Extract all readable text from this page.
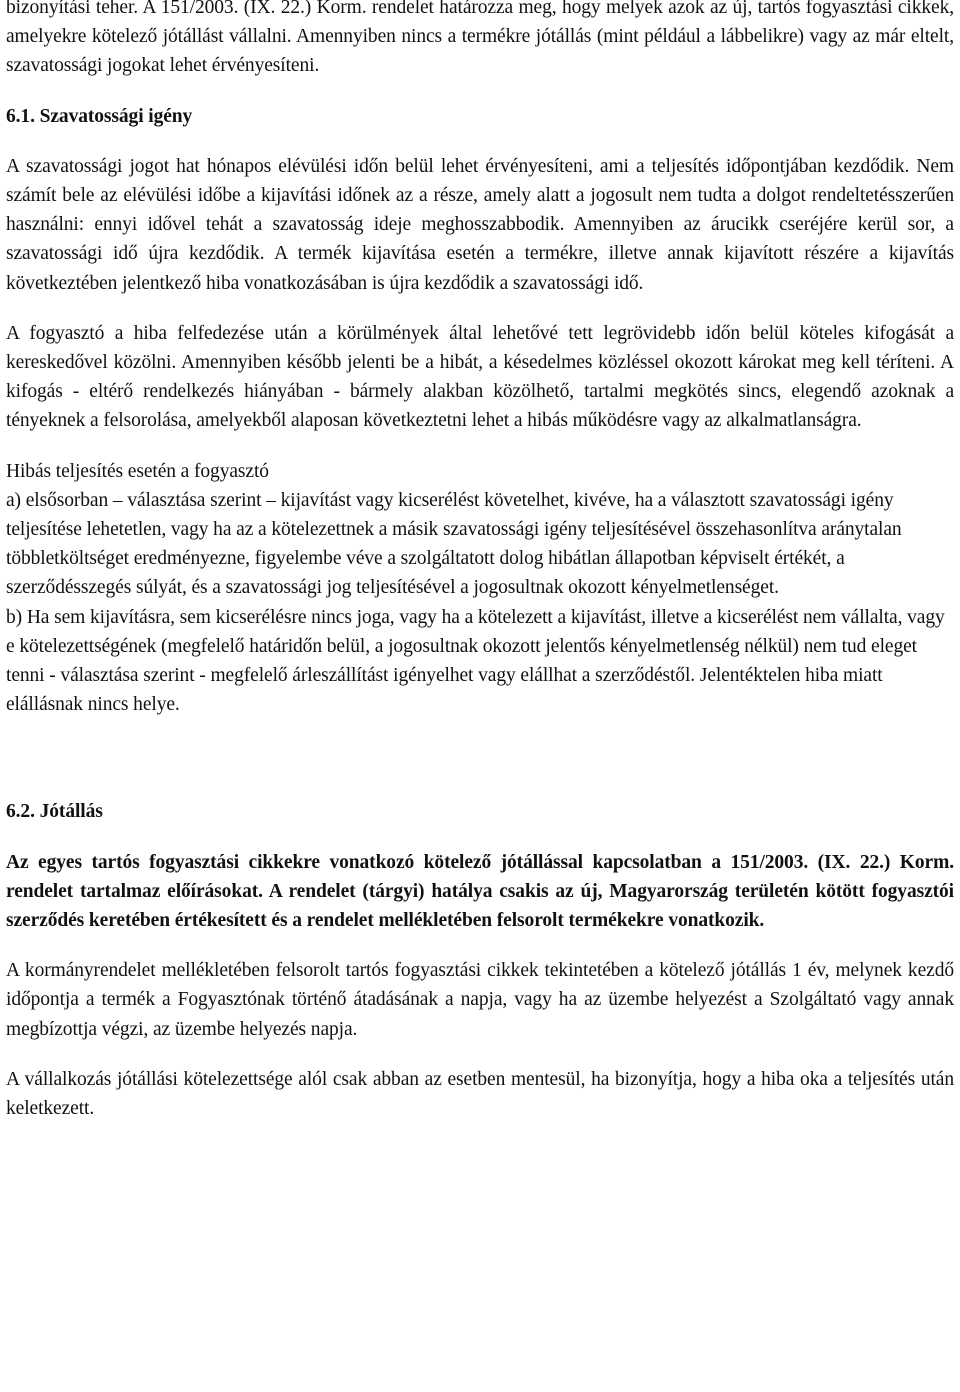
bizonyítási teher. A 151/2003. (IX. 22.) Korm. rendelet határozza meg, hogy melyek azok az új, tartós fogyasztási cikkek, amelyekre kötelező jótállást vállalni. Amennyiben nincs a termékre jótállás (mint például a lábbelikre) vagy az már eltelt, szavatossági jogokat lehet érvényesíteni.

6.1. Szavatossági igény

A szavatossági jogot hat hónapos elévülési időn belül lehet érvényesíteni, ami a teljesítés időpontjában kezdődik. Nem számít bele az elévülési időbe a kijavítási időnek az a része, amely alatt a jogosult nem tudta a dolgot rendeltetésszerűen használni: ennyi idővel tehát a szavatosság ideje meghosszabbodik. Amennyiben az árucikk cseréjére kerül sor, a szavatossági idő újra kezdődik. A termék kijavítása esetén a termékre, illetve annak kijavított részére a kijavítás következtében jelentkező hiba vonatkozásában is újra kezdődik a szavatossági idő.

A fogyasztó a hiba felfedezése után a körülmények által lehetővé tett legrövidebb időn belül köteles kifogását a kereskedővel közölni. Amennyiben később jelenti be a hibát, a késedelmes közléssel okozott károkat meg kell téríteni. A kifogás - eltérő rendelkezés hiányában - bármely alakban közölhető, tartalmi megkötés sincs, elegendő azoknak a tényeknek a felsorolása, amelyekből alaposan következtetni lehet a hibás működésre vagy az alkalmatlanságra.

Hibás teljesítés esetén a fogyasztó

a) elsősorban – választása szerint – kijavítást vagy kicserélést követelhet, kivéve, ha a választott szavatossági igény teljesítése lehetetlen, vagy ha az a kötelezettnek a másik szavatossági igény teljesítésével összehasonlítva aránytalan többletköltséget eredményezne, figyelembe véve a szolgáltatott dolog hibátlan állapotban képviselt értékét, a szerződésszegés súlyát, és a szavatossági jog teljesítésével a jogosultnak okozott kényelmetlenséget.

b) Ha sem kijavításra, sem kicserélésre nincs joga, vagy ha a kötelezett a kijavítást, illetve a kicserélést nem vállalta, vagy e kötelezettségének (megfelelő határidőn belül, a jogosultnak okozott jelentős kényelmetlenség nélkül) nem tud eleget tenni - választása szerint - megfelelő árleszállítást igényelhet vagy elállhat a szerződéstől. Jelentéktelen hiba miatt elállásnak nincs helye.

6.2. Jótállás

Az egyes tartós fogyasztási cikkekre vonatkozó kötelező jótállással kapcsolatban a 151/2003. (IX. 22.) Korm. rendelet tartalmaz előírásokat. A rendelet (tárgyi) hatálya csakis az új, Magyarország területén kötött fogyasztói szerződés keretében értékesített és a rendelet mellékletében felsorolt termékekre vonatkozik.

A kormányrendelet mellékletében felsorolt tartós fogyasztási cikkek tekintetében a kötelező jótállás 1 év, melynek kezdő időpontja a termék a Fogyasztónak történő átadásának a napja, vagy ha az üzembe helyezést a Szolgáltató vagy annak megbízottja végzi, az üzembe helyezés napja.

A vállalkozás jótállási kötelezettsége alól csak abban az esetben mentesül, ha bizonyítja, hogy a hiba oka a teljesítés után keletkezett.
